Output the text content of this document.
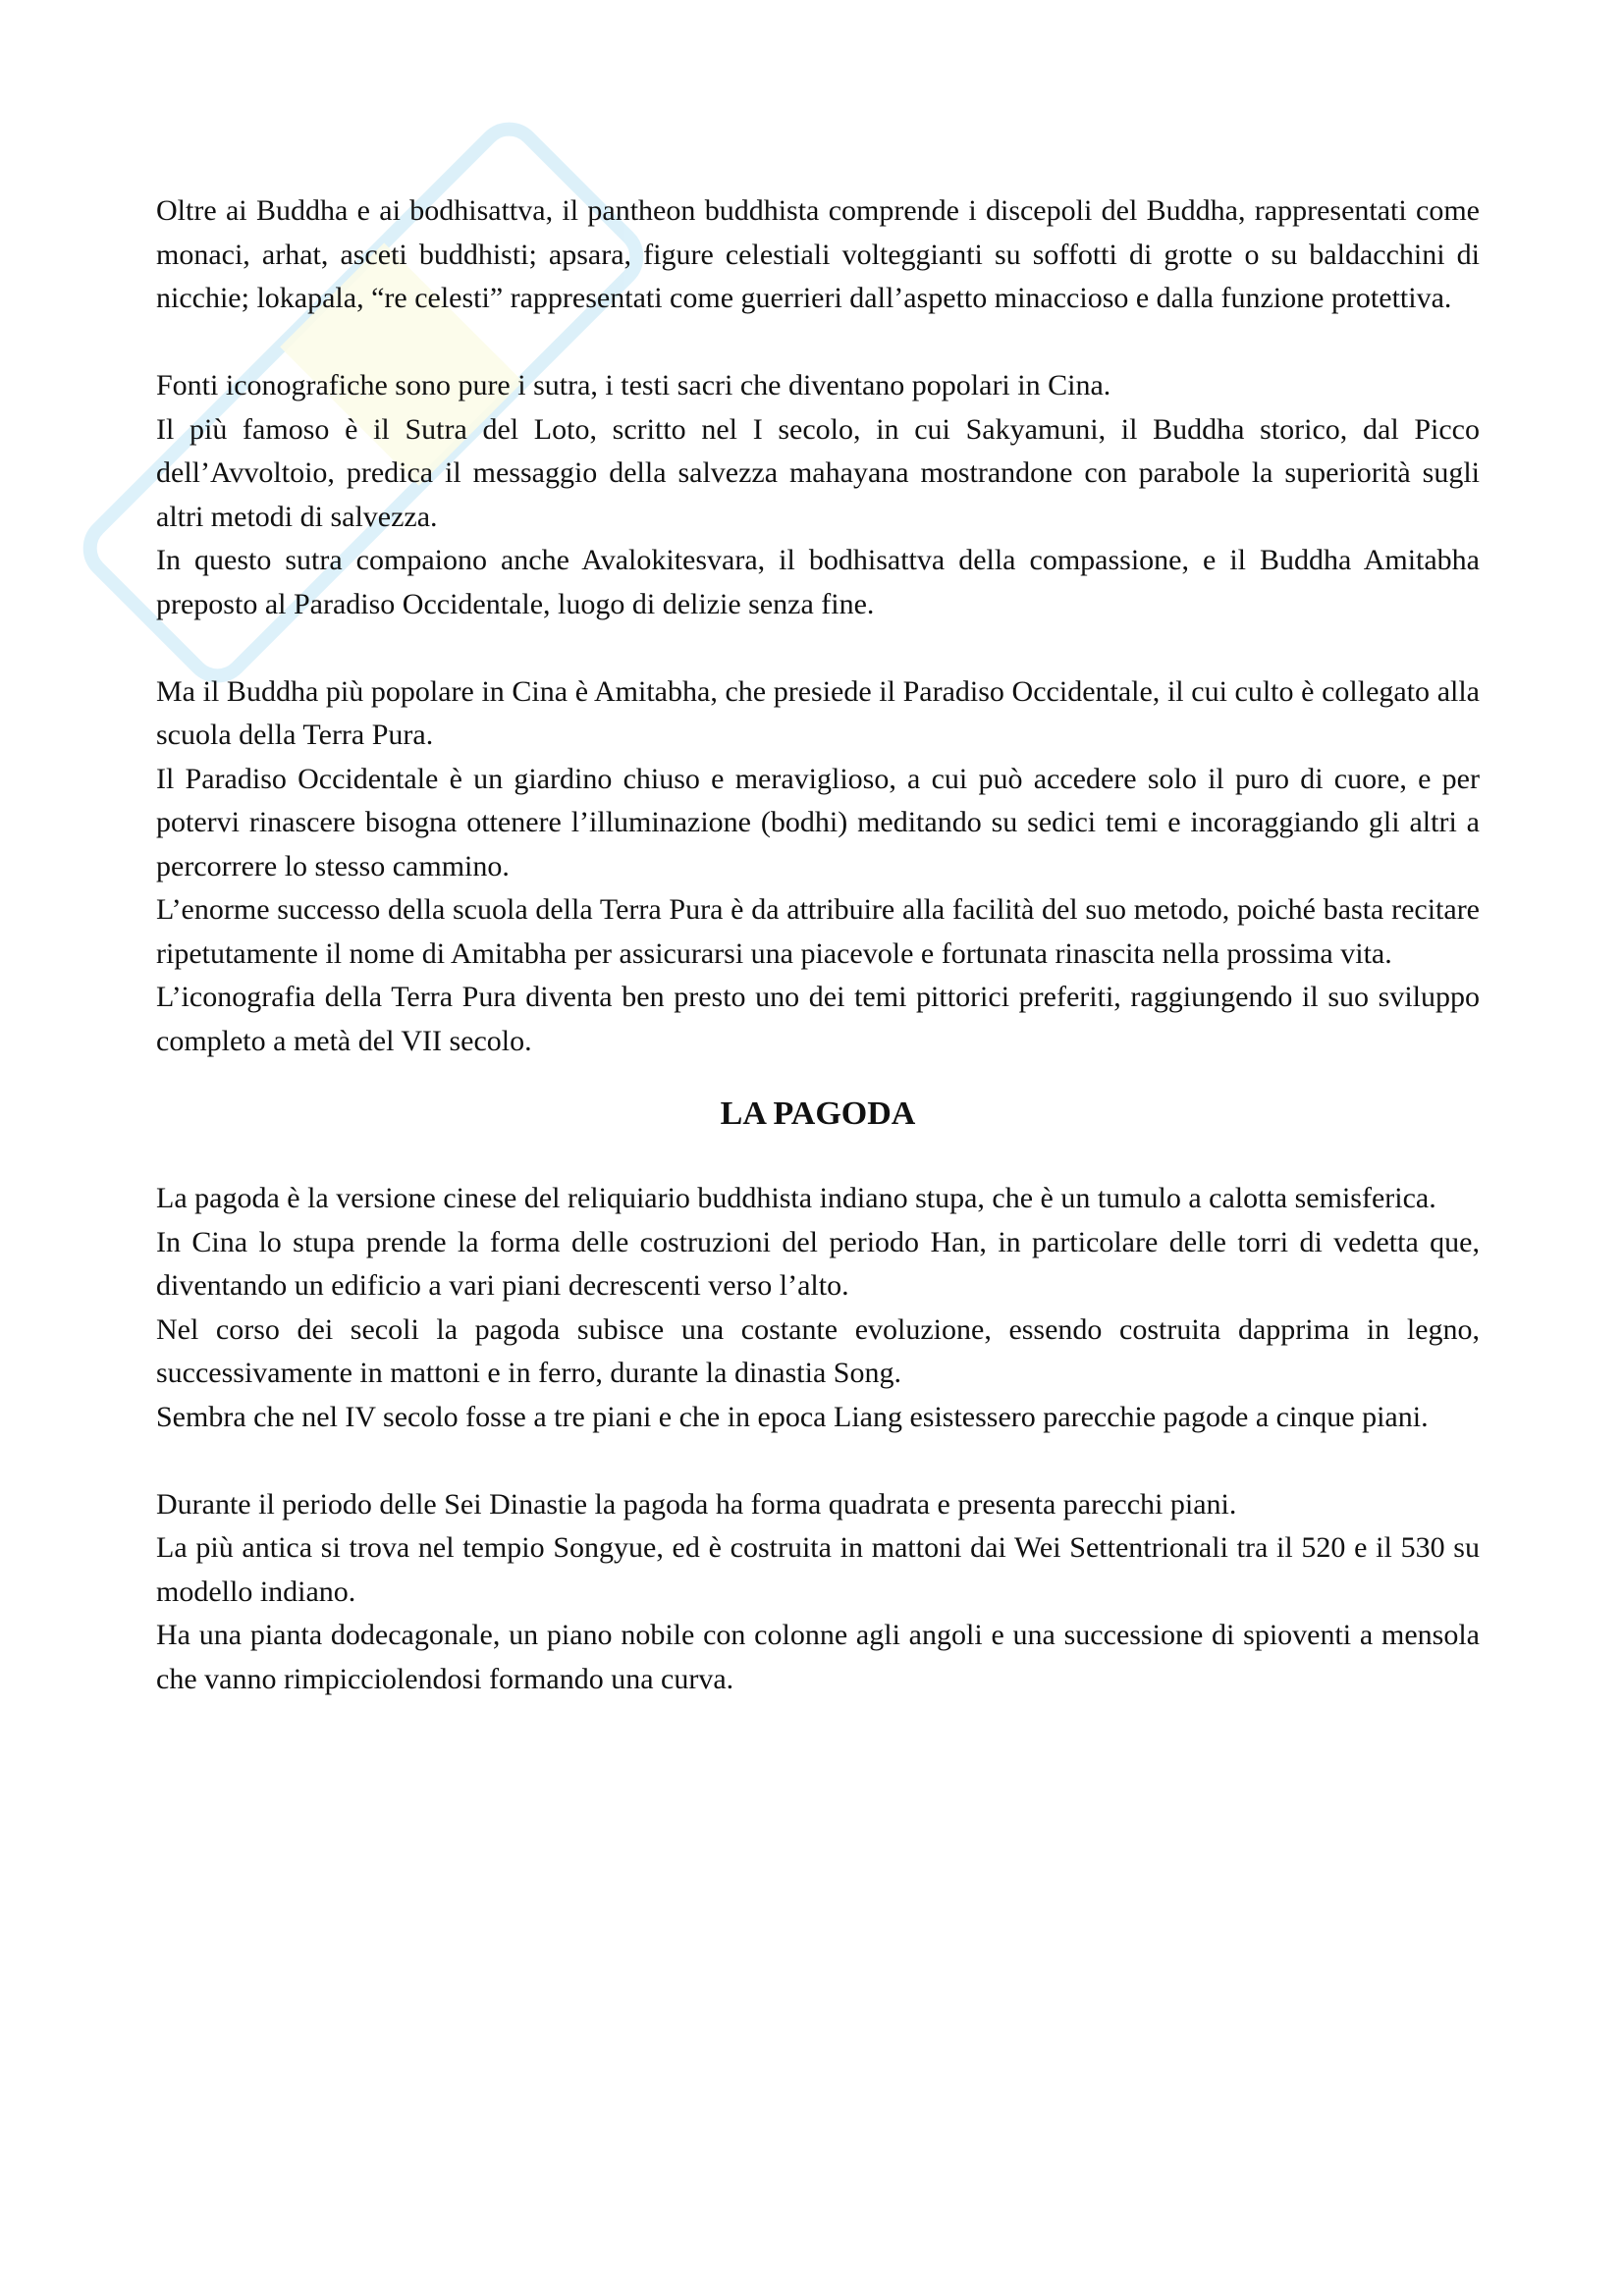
Oltre ai Buddha e ai bodhisattva, il pantheon buddhista comprende i discepoli del Buddha, rappresentati come monaci, arhat, asceti buddhisti; apsara, figure celestiali volteggianti su soffotti di grotte o su baldacchini di nicchie; lokapala, “re celesti” rappresentati come guerrieri dall’aspetto minaccioso e dalla funzione protettiva.

Fonti iconografiche sono pure i sutra, i testi sacri che diventano popolari in Cina.

Il più famoso è il Sutra del Loto, scritto nel I secolo, in cui Sakyamuni, il Buddha storico, dal Picco dell’Avvoltoio, predica il messaggio della salvezza mahayana mostrandone con parabole la superiorità sugli altri metodi di salvezza.

In questo sutra compaiono anche Avalokitesvara, il bodhisattva della compassione, e il Buddha Amitabha preposto al Paradiso Occidentale, luogo di delizie senza fine.

Ma il Buddha più popolare in Cina è Amitabha, che presiede il Paradiso Occidentale, il cui culto è collegato alla scuola della Terra Pura.

Il Paradiso Occidentale è un giardino chiuso e meraviglioso, a cui può accedere solo il puro di cuore, e per potervi rinascere bisogna ottenere l’illuminazione (bodhi) meditando su sedici temi e incoraggiando gli altri a percorrere lo stesso cammino.

L’enorme successo della scuola della Terra Pura è da attribuire alla facilità del suo metodo, poiché basta recitare ripetutamente il nome di Amitabha per assicurarsi una piacevole e fortunata rinascita nella prossima vita.

L’iconografia della Terra Pura diventa ben presto uno dei temi pittorici preferiti, raggiungendo il suo sviluppo completo a metà del VII secolo.

LA PAGODA

La pagoda è la versione cinese del reliquiario buddhista indiano stupa, che è un tumulo a calotta semisferica.

In Cina lo stupa prende la forma delle costruzioni del periodo Han, in particolare delle torri di vedetta que, diventando un edificio a vari piani decrescenti verso l’alto.

Nel corso dei secoli la pagoda subisce una costante evoluzione, essendo costruita dapprima in legno, successivamente in mattoni e in ferro, durante la dinastia Song.

Sembra che nel IV secolo fosse a tre piani e che in epoca Liang esistessero parecchie pagode a cinque piani.

Durante il periodo delle Sei Dinastie la pagoda ha forma quadrata e presenta parecchi piani.

La più antica si trova nel tempio Songyue, ed è costruita in mattoni dai Wei Settentrionali tra il 520 e il 530 su modello indiano.

Ha una pianta dodecagonale, un piano nobile con colonne agli angoli e una successione di spioventi a mensola che vanno rimpicciolendosi formando una curva.
